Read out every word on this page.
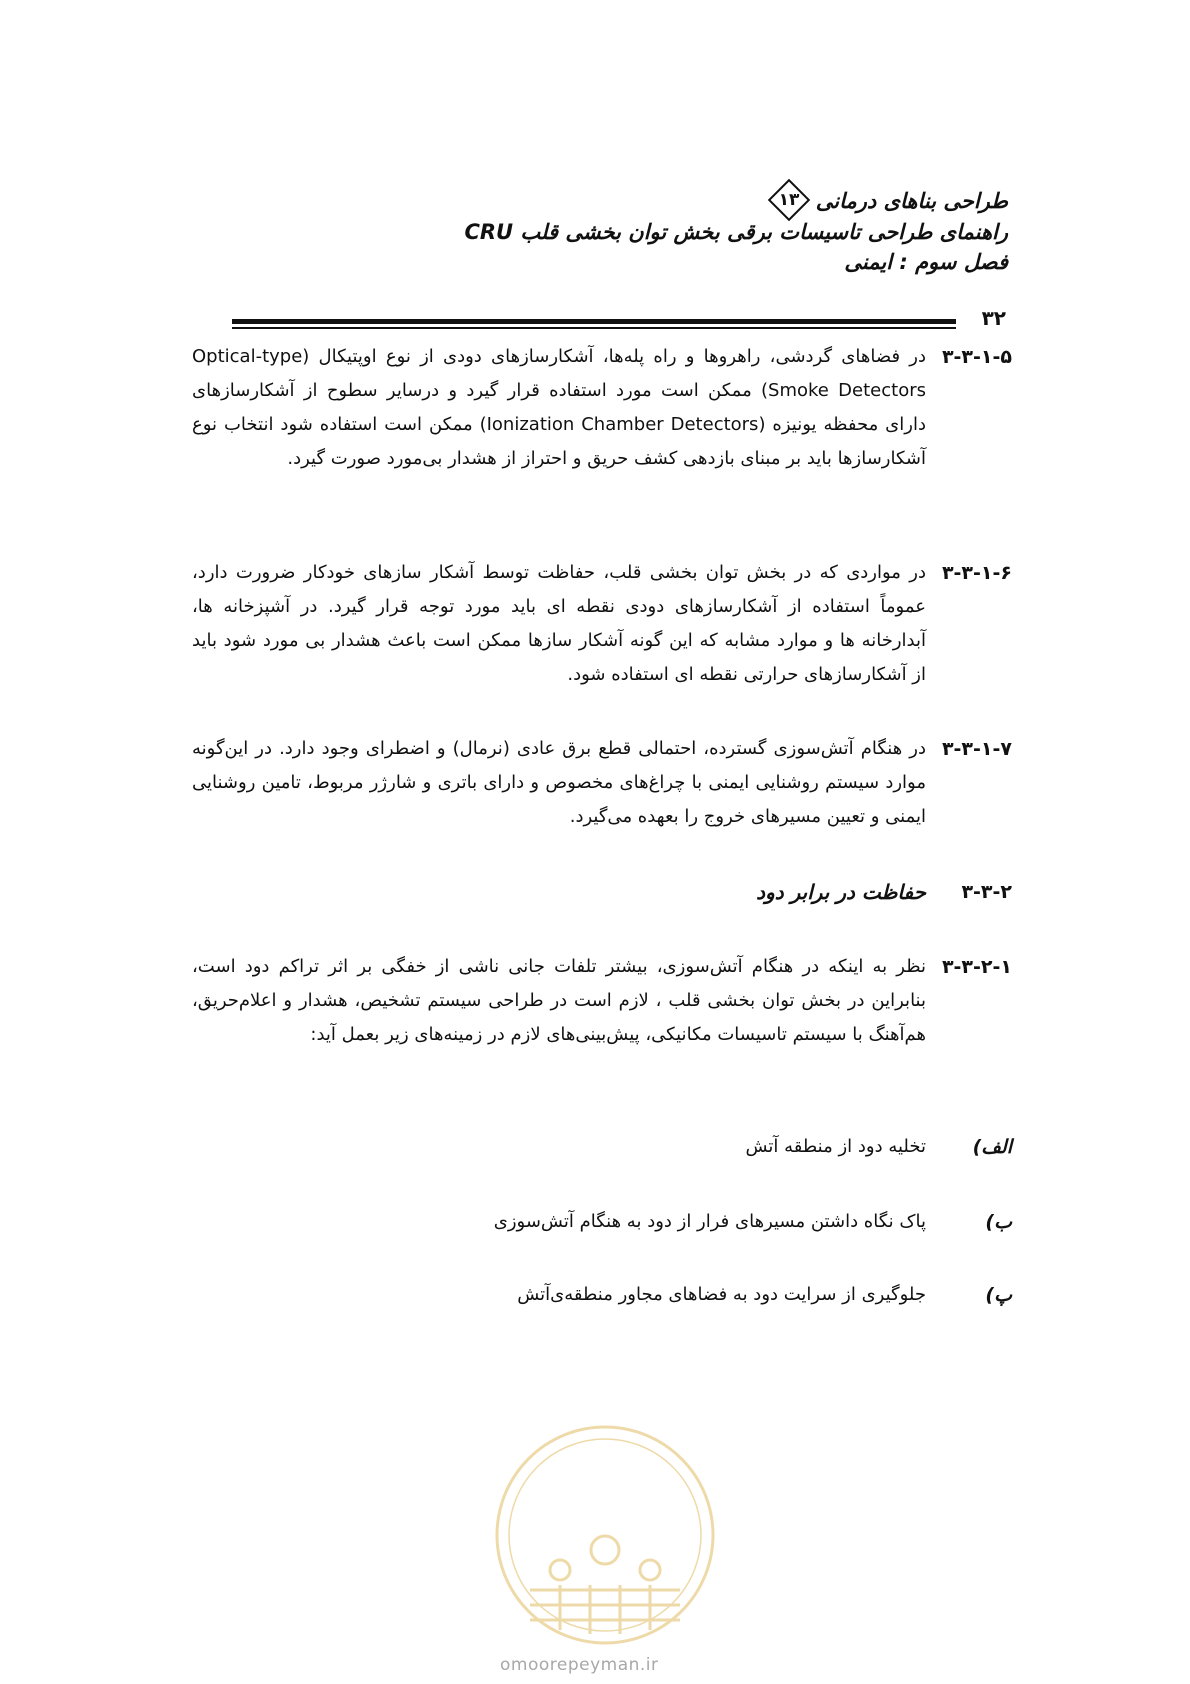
طراحی بناهای درمانی
۱۳
راهنمای طراحی تاسیسات برقی بخش توان بخشی قلب CRU
فصل سوم : ایمنی
۳۲
۳-۳-۱-۵
در فضاهای گردشی، راهروها و راه پله‌ها، آشکارسازهای دودی از نوع اوپتیکال (Optical-type Smoke Detectors) ممکن است مورد استفاده قرار گیرد و درسایر سطوح از آشکارسازهای دارای محفظه یونیزه (Ionization Chamber Detectors) ممکن است استفاده شود انتخاب نوع آشکارسازها باید بر مبنای بازدهی کشف حریق و احتراز از هشدار بی‌مورد صورت گیرد.
۳-۳-۱-۶
در مواردی که در بخش توان بخشی قلب، حفاظت توسط آشکار سازهای خودکار ضرورت دارد، عموماً استفاده از آشکارسازهای دودی نقطه ای باید مورد توجه قرار گیرد. در آشپزخانه ها، آبدارخانه ها و موارد مشابه که این گونه آشکار سازها ممکن است باعث هشدار بی مورد شود باید از آشکارسازهای حرارتی نقطه ای استفاده شود.
۳-۳-۱-۷
در هنگام آتش‌سوزی گسترده، احتمالی قطع برق عادی (نرمال) و اضطرای وجود دارد. در این‌گونه موارد سیستم روشنایی ایمنی با چراغ‌های مخصوص و دارای باتری و شارژر مربوط، تامین روشنایی ایمنی و تعیین مسیرهای خروج را بعهده می‌گیرد.
۳-۳-۲
حفاظت در برابر دود
۳-۳-۲-۱
نظر به اینکه در هنگام آتش‌سوزی، بیشتر تلفات جانی ناشی از خفگی بر اثر تراکم دود است، بنابراین در بخش توان بخشی قلب ، لازم است در طراحی سیستم تشخیص، هشدار و اعلام‌حریق، هم‌آهنگ با سیستم تاسیسات مکانیکی، پیش‌بینی‌های لازم در زمینه‌های زیر بعمل آید:
الف)
تخلیه دود از منطقه آتش
ب)
پاک نگاه داشتن مسیرهای فرار از دود به هنگام آتش‌سوزی
پ)
جلوگیری از سرایت دود به فضاهای مجاور منطقه‌ی‌آتش
omoorepeyman.ir
